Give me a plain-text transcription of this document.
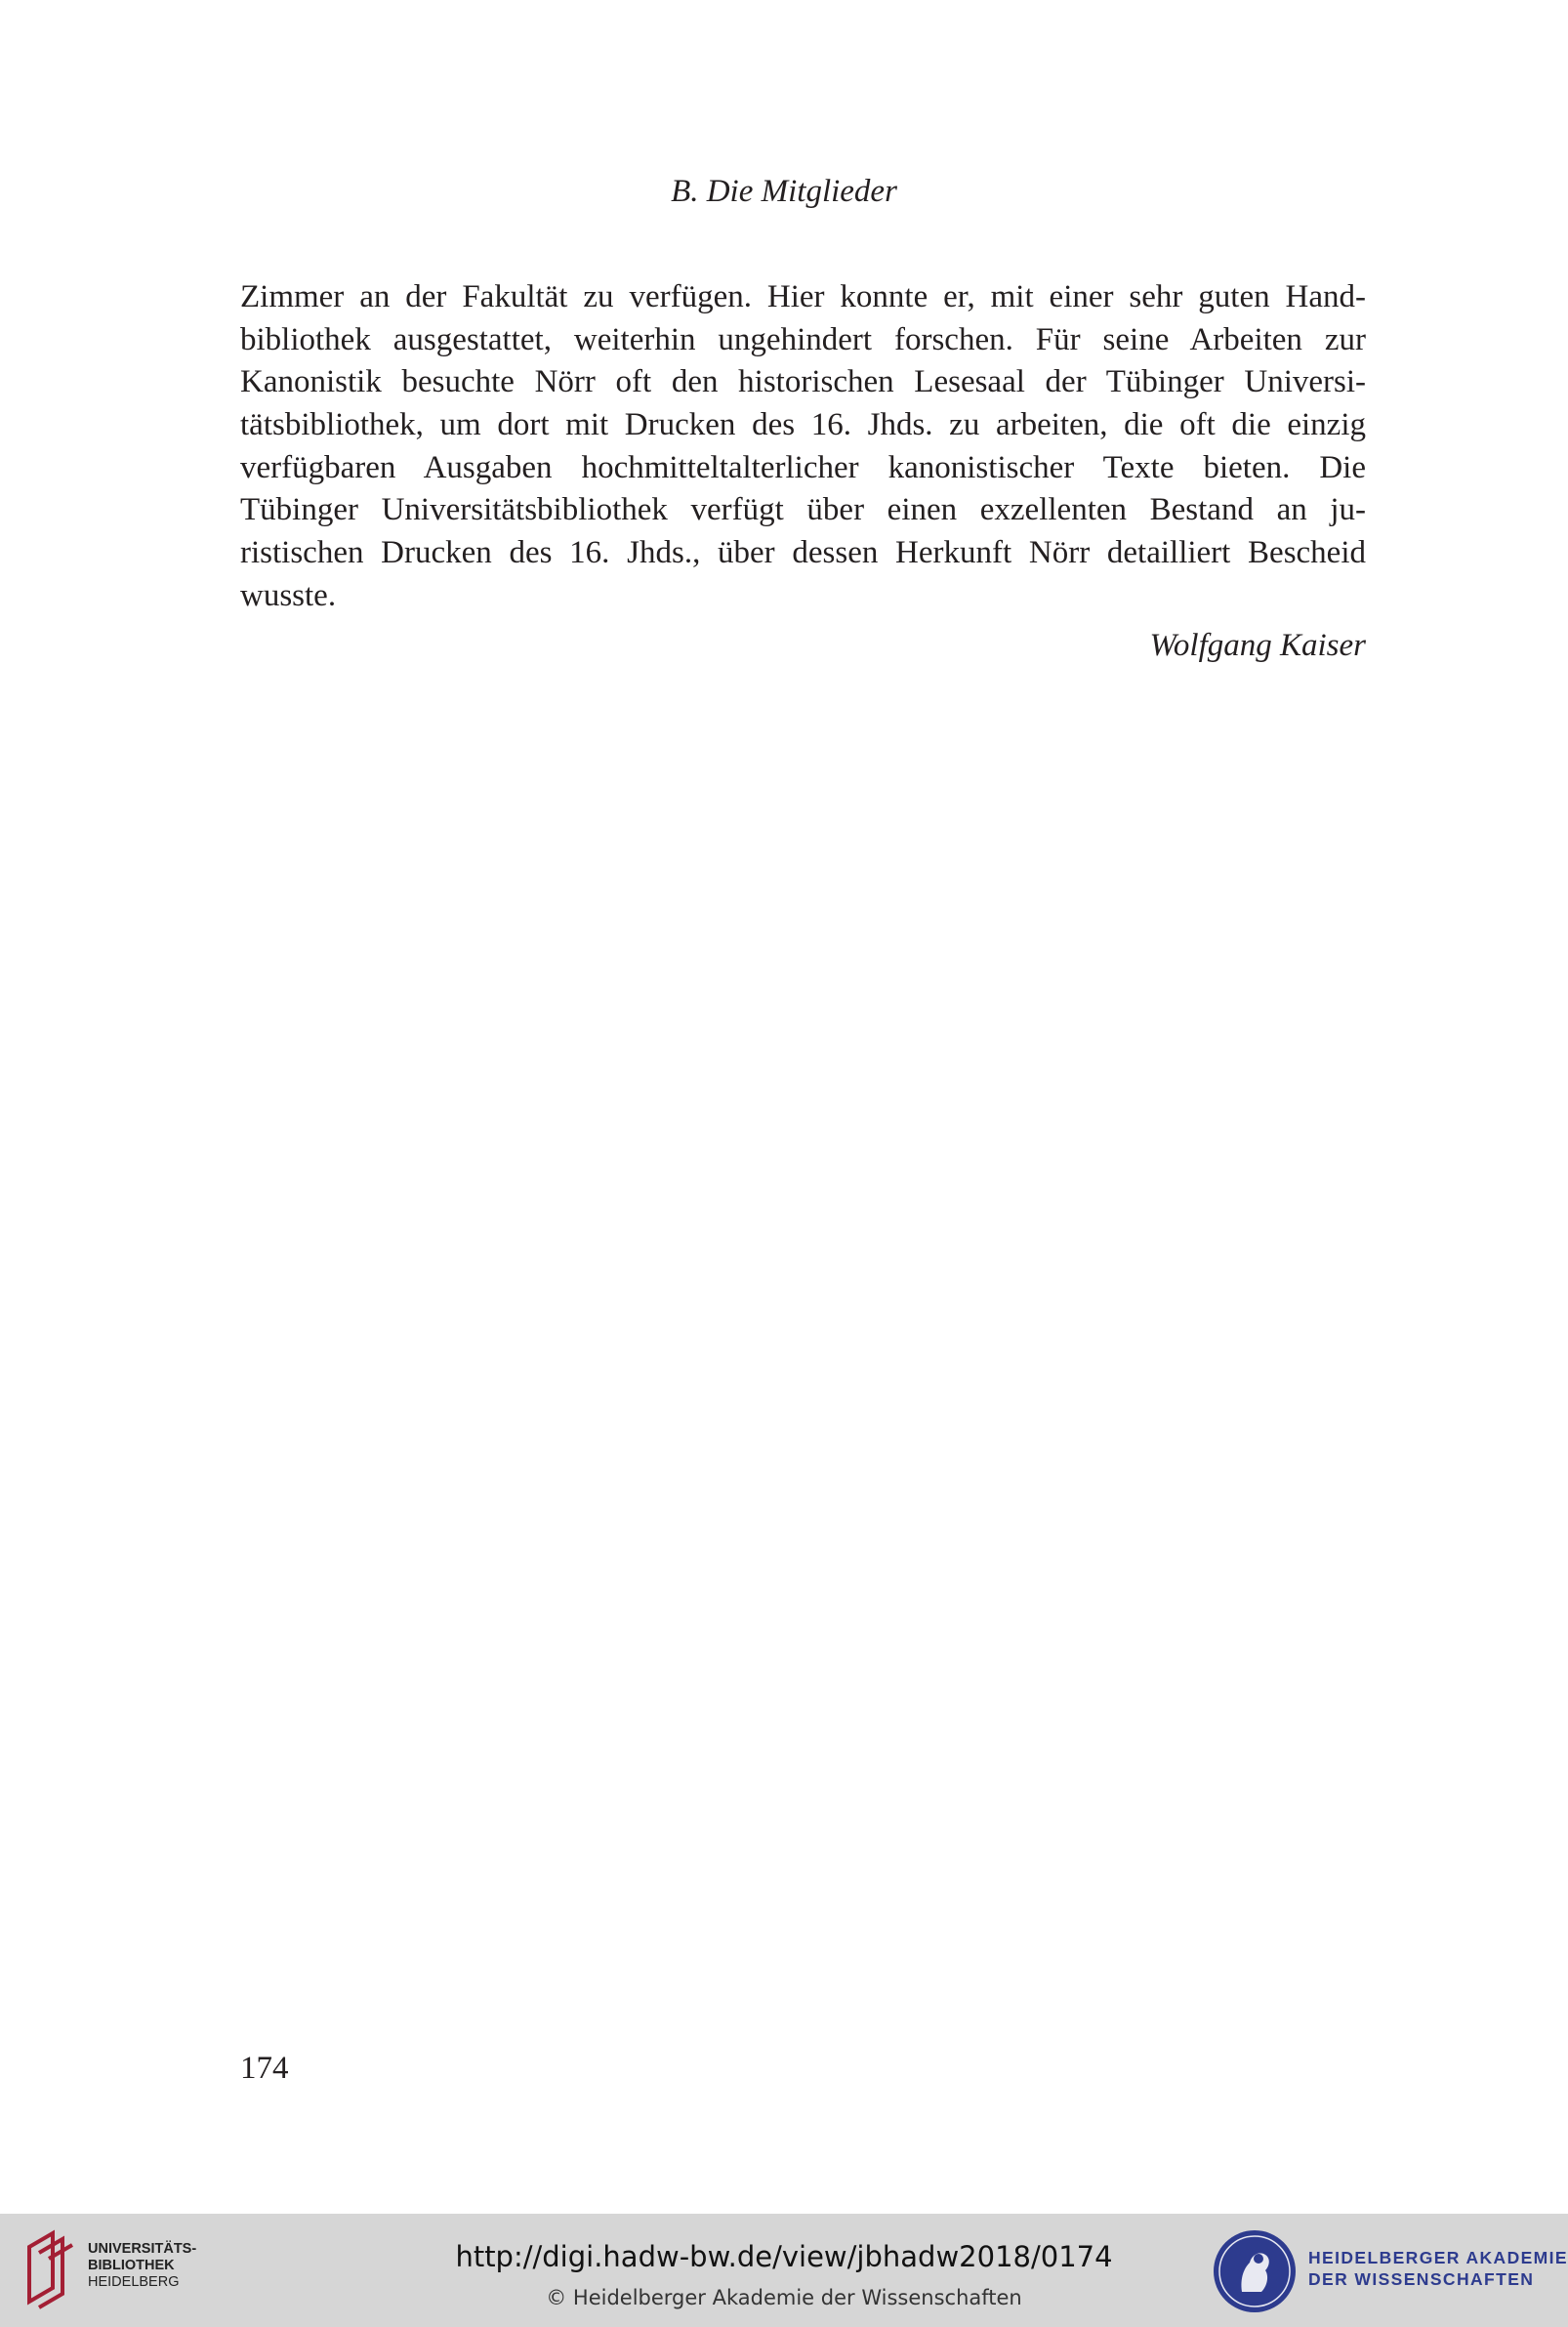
B. Die Mitglieder
Zimmer an der Fakultät zu verfügen. Hier konnte er, mit einer sehr guten Hand-
bibliothek ausgestattet, weiterhin ungehindert forschen. Für seine Arbeiten zur
Kanonistik besuchte Nörr oft den historischen Lesesaal der Tübinger Universi-
tätsbibliothek, um dort mit Drucken des 16. Jhds. zu arbeiten, die oft die einzig
verfügbaren Ausgaben hochmitteltalterlicher kanonistischer Texte bieten. Die
Tübinger Universitätsbibliothek verfügt über einen exzellenten Bestand an ju-
ristischen Drucken des 16. Jhds., über dessen Herkunft Nörr detailliert Bescheid
wusste.
Wolfgang Kaiser
174
UNIVERSITÄTS-
BIBLIOTHEK
HEIDELBERG
http://digi.hadw-bw.de/view/jbhadw2018/0174
© Heidelberger Akademie der Wissenschaften
HEIDELBERGER AKADEMIE
DER WISSENSCHAFTEN
